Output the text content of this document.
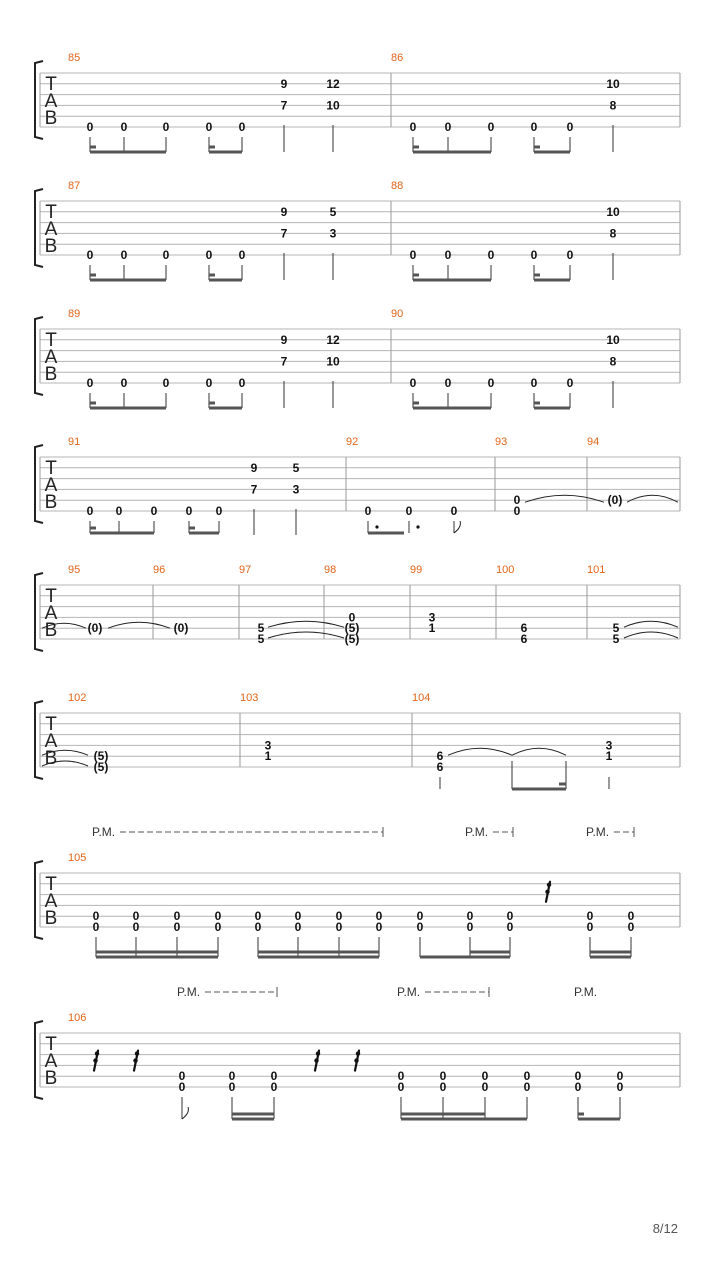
T
A
B
85	86
T
A
B
87	88
T
A
B
89	90
T
A
B
91	92	93	94
T
A
B
95	96	97	98	99	100	101
T
A
B
102	103	104
T
A
B
105
T
A
B
106
0 0	0	0 0
9
7
12
10
0 0	0	0 0
10
8
0 0	0	0 0
9
7
5
3
0 0	0	0 0
10
8
0 0	0	0 0
9
7
12
10
0 0	0	0 0
10
8
0 0 0 0 0
9
7
5
3
0	0	0
0
0
(0)
(0)	(0)	5
5
0
(5)
(5)
3
1	6
6
5
5
(5)
(5)
3
1	6
6
3
1
P.M.	P.M.	P.M.
0
0
0
0
0
0
0
0
0
0
0
0
0
0
0
0
0
0
0
0
0
0
0
0
0
0
P.M.	P.M.	P.M.
0
0
0
0
0
0
0
0
0
0
0
0
0
0
0
0
0
0
8/12
